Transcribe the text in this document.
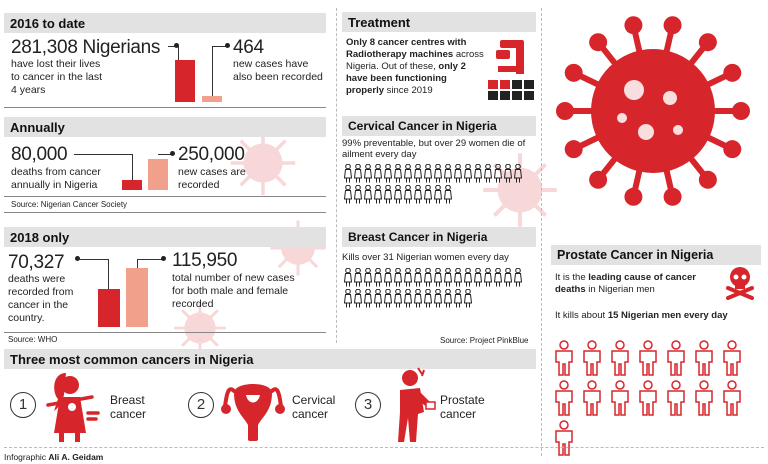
2016 to date
281,308 Nigerians
have lost their lives to cancer in the last 4 years
464
new cases have also been recorded
Annually
80,000
deaths from cancer annually in Nigeria
250,000
new cases are recorded
Source: Nigerian Cancer Society
2018 only
70,327
deaths were recorded from cancer in the country.
115,950
total number of new cases for both male and female recorded
Source: WHO
Treatment
Only 8 cancer centres with Radiotherapy machines across Nigeria. Out of these, only 2 have been functioning properly since 2019
Cervical Cancer in Nigeria
99% preventable, but over 29 women die of ailment every day
Breast Cancer in Nigeria
Kills over 31 Nigerian women every day
Source: Project PinkBlue
Prostate Cancer in Nigeria
It is the leading cause of cancer deaths in Nigerian men
It kills about 15 Nigerian men every day
Three most common cancers in Nigeria
1	Breast cancer
2	Cervical cancer
3	Prostate cancer
Infographic Ali A. Geidam
